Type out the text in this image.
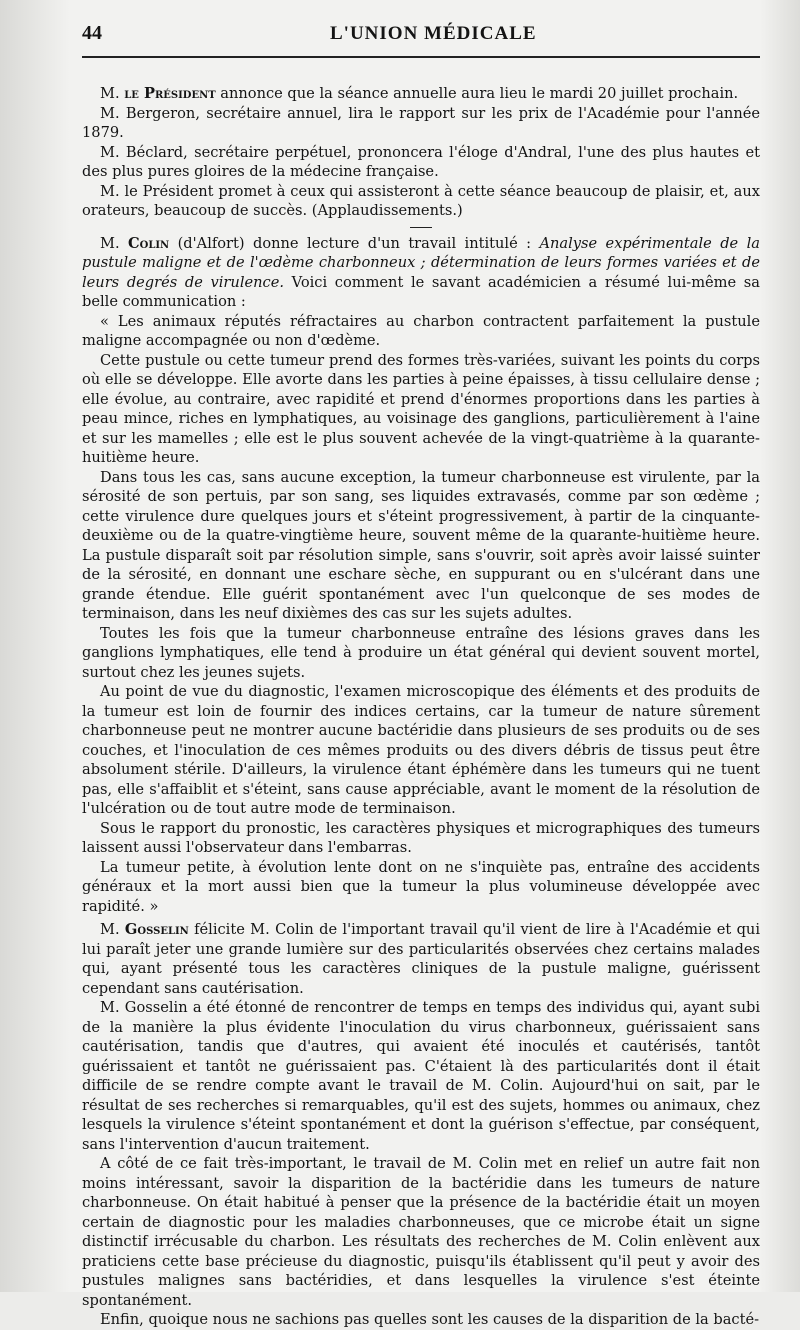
44	L'UNION MÉDICALE

M. le Président annonce que la séance annuelle aura lieu le mardi 20 juillet prochain.

M. Bergeron, secrétaire annuel, lira le rapport sur les prix de l'Académie pour l'année 1879.

M. Béclard, secrétaire perpétuel, prononcera l'éloge d'Andral, l'une des plus hautes et des plus pures gloires de la médecine française.

M. le Président promet à ceux qui assisteront à cette séance beaucoup de plaisir, et, aux orateurs, beaucoup de succès. (Applaudissements.)

M. Colin (d'Alfort) donne lecture d'un travail intitulé : Analyse expérimentale de la pustule maligne et de l'œdème charbonneux ; détermination de leurs formes variées et de leurs degrés de virulence. Voici comment le savant académicien a résumé lui-même sa belle communication :

« Les animaux réputés réfractaires au charbon contractent parfaitement la pustule maligne accompagnée ou non d'œdème.

Cette pustule ou cette tumeur prend des formes très-variées, suivant les points du corps où elle se développe. Elle avorte dans les parties à peine épaisses, à tissu cellulaire dense ; elle évolue, au contraire, avec rapidité et prend d'énormes proportions dans les parties à peau mince, riches en lymphatiques, au voisinage des ganglions, particulièrement à l'aine et sur les mamelles ; elle est le plus souvent achevée de la vingt-quatrième à la quarante-huitième heure.

Dans tous les cas, sans aucune exception, la tumeur charbonneuse est virulente, par la sérosité de son pertuis, par son sang, ses liquides extravasés, comme par son œdème ; cette virulence dure quelques jours et s'éteint progressivement, à partir de la cinquante-deuxième ou de la quatre-vingtième heure, souvent même de la quarante-huitième heure. La pustule disparaît soit par résolution simple, sans s'ouvrir, soit après avoir laissé suinter de la sérosité, en donnant une eschare sèche, en suppurant ou en s'ulcérant dans une grande étendue. Elle guérit spontanément avec l'un quelconque de ses modes de terminaison, dans les neuf dixièmes des cas sur les sujets adultes.

Toutes les fois que la tumeur charbonneuse entraîne des lésions graves dans les ganglions lymphatiques, elle tend à produire un état général qui devient souvent mortel, surtout chez les jeunes sujets.

Au point de vue du diagnostic, l'examen microscopique des éléments et des produits de la tumeur est loin de fournir des indices certains, car la tumeur de nature sûrement charbonneuse peut ne montrer aucune bactéridie dans plusieurs de ses produits ou de ses couches, et l'inoculation de ces mêmes produits ou des divers débris de tissus peut être absolument stérile. D'ailleurs, la virulence étant éphémère dans les tumeurs qui ne tuent pas, elle s'affaiblit et s'éteint, sans cause appréciable, avant le moment de la résolution de l'ulcération ou de tout autre mode de terminaison.

Sous le rapport du pronostic, les caractères physiques et micrographiques des tumeurs laissent aussi l'observateur dans l'embarras.

La tumeur petite, à évolution lente dont on ne s'inquiète pas, entraîne des accidents généraux et la mort aussi bien que la tumeur la plus volumineuse développée avec rapidité. »

M. Gosselin félicite M. Colin de l'important travail qu'il vient de lire à l'Académie et qui lui paraît jeter une grande lumière sur des particularités observées chez certains malades qui, ayant présenté tous les caractères cliniques de la pustule maligne, guérissent cependant sans cautérisation.

M. Gosselin a été étonné de rencontrer de temps en temps des individus qui, ayant subi de la manière la plus évidente l'inoculation du virus charbonneux, guérissaient sans cautérisation, tandis que d'autres, qui avaient été inoculés et cautérisés, tantôt guérissaient et tantôt ne guérissaient pas. C'étaient là des particularités dont il était difficile de se rendre compte avant le travail de M. Colin. Aujourd'hui on sait, par le résultat de ses recherches si remarquables, qu'il est des sujets, hommes ou animaux, chez lesquels la virulence s'éteint spontanément et dont la guérison s'effectue, par conséquent, sans l'intervention d'aucun traitement.

A côté de ce fait très-important, le travail de M. Colin met en relief un autre fait non moins intéressant, savoir la disparition de la bactéridie dans les tumeurs de nature charbonneuse. On était habitué à penser que la présence de la bactéridie était un moyen certain de diagnostic pour les maladies charbonneuses, que ce microbe était un signe distinctif irrécusable du charbon. Les résultats des recherches de M. Colin enlèvent aux praticiens cette base précieuse du diagnostic, puisqu'ils établissent qu'il peut y avoir des pustules malignes sans bactéridies, et dans lesquelles la virulence s'est éteinte spontanément.

Enfin, quoique nous ne sachions pas quelles sont les causes de la disparition de la bacté-
